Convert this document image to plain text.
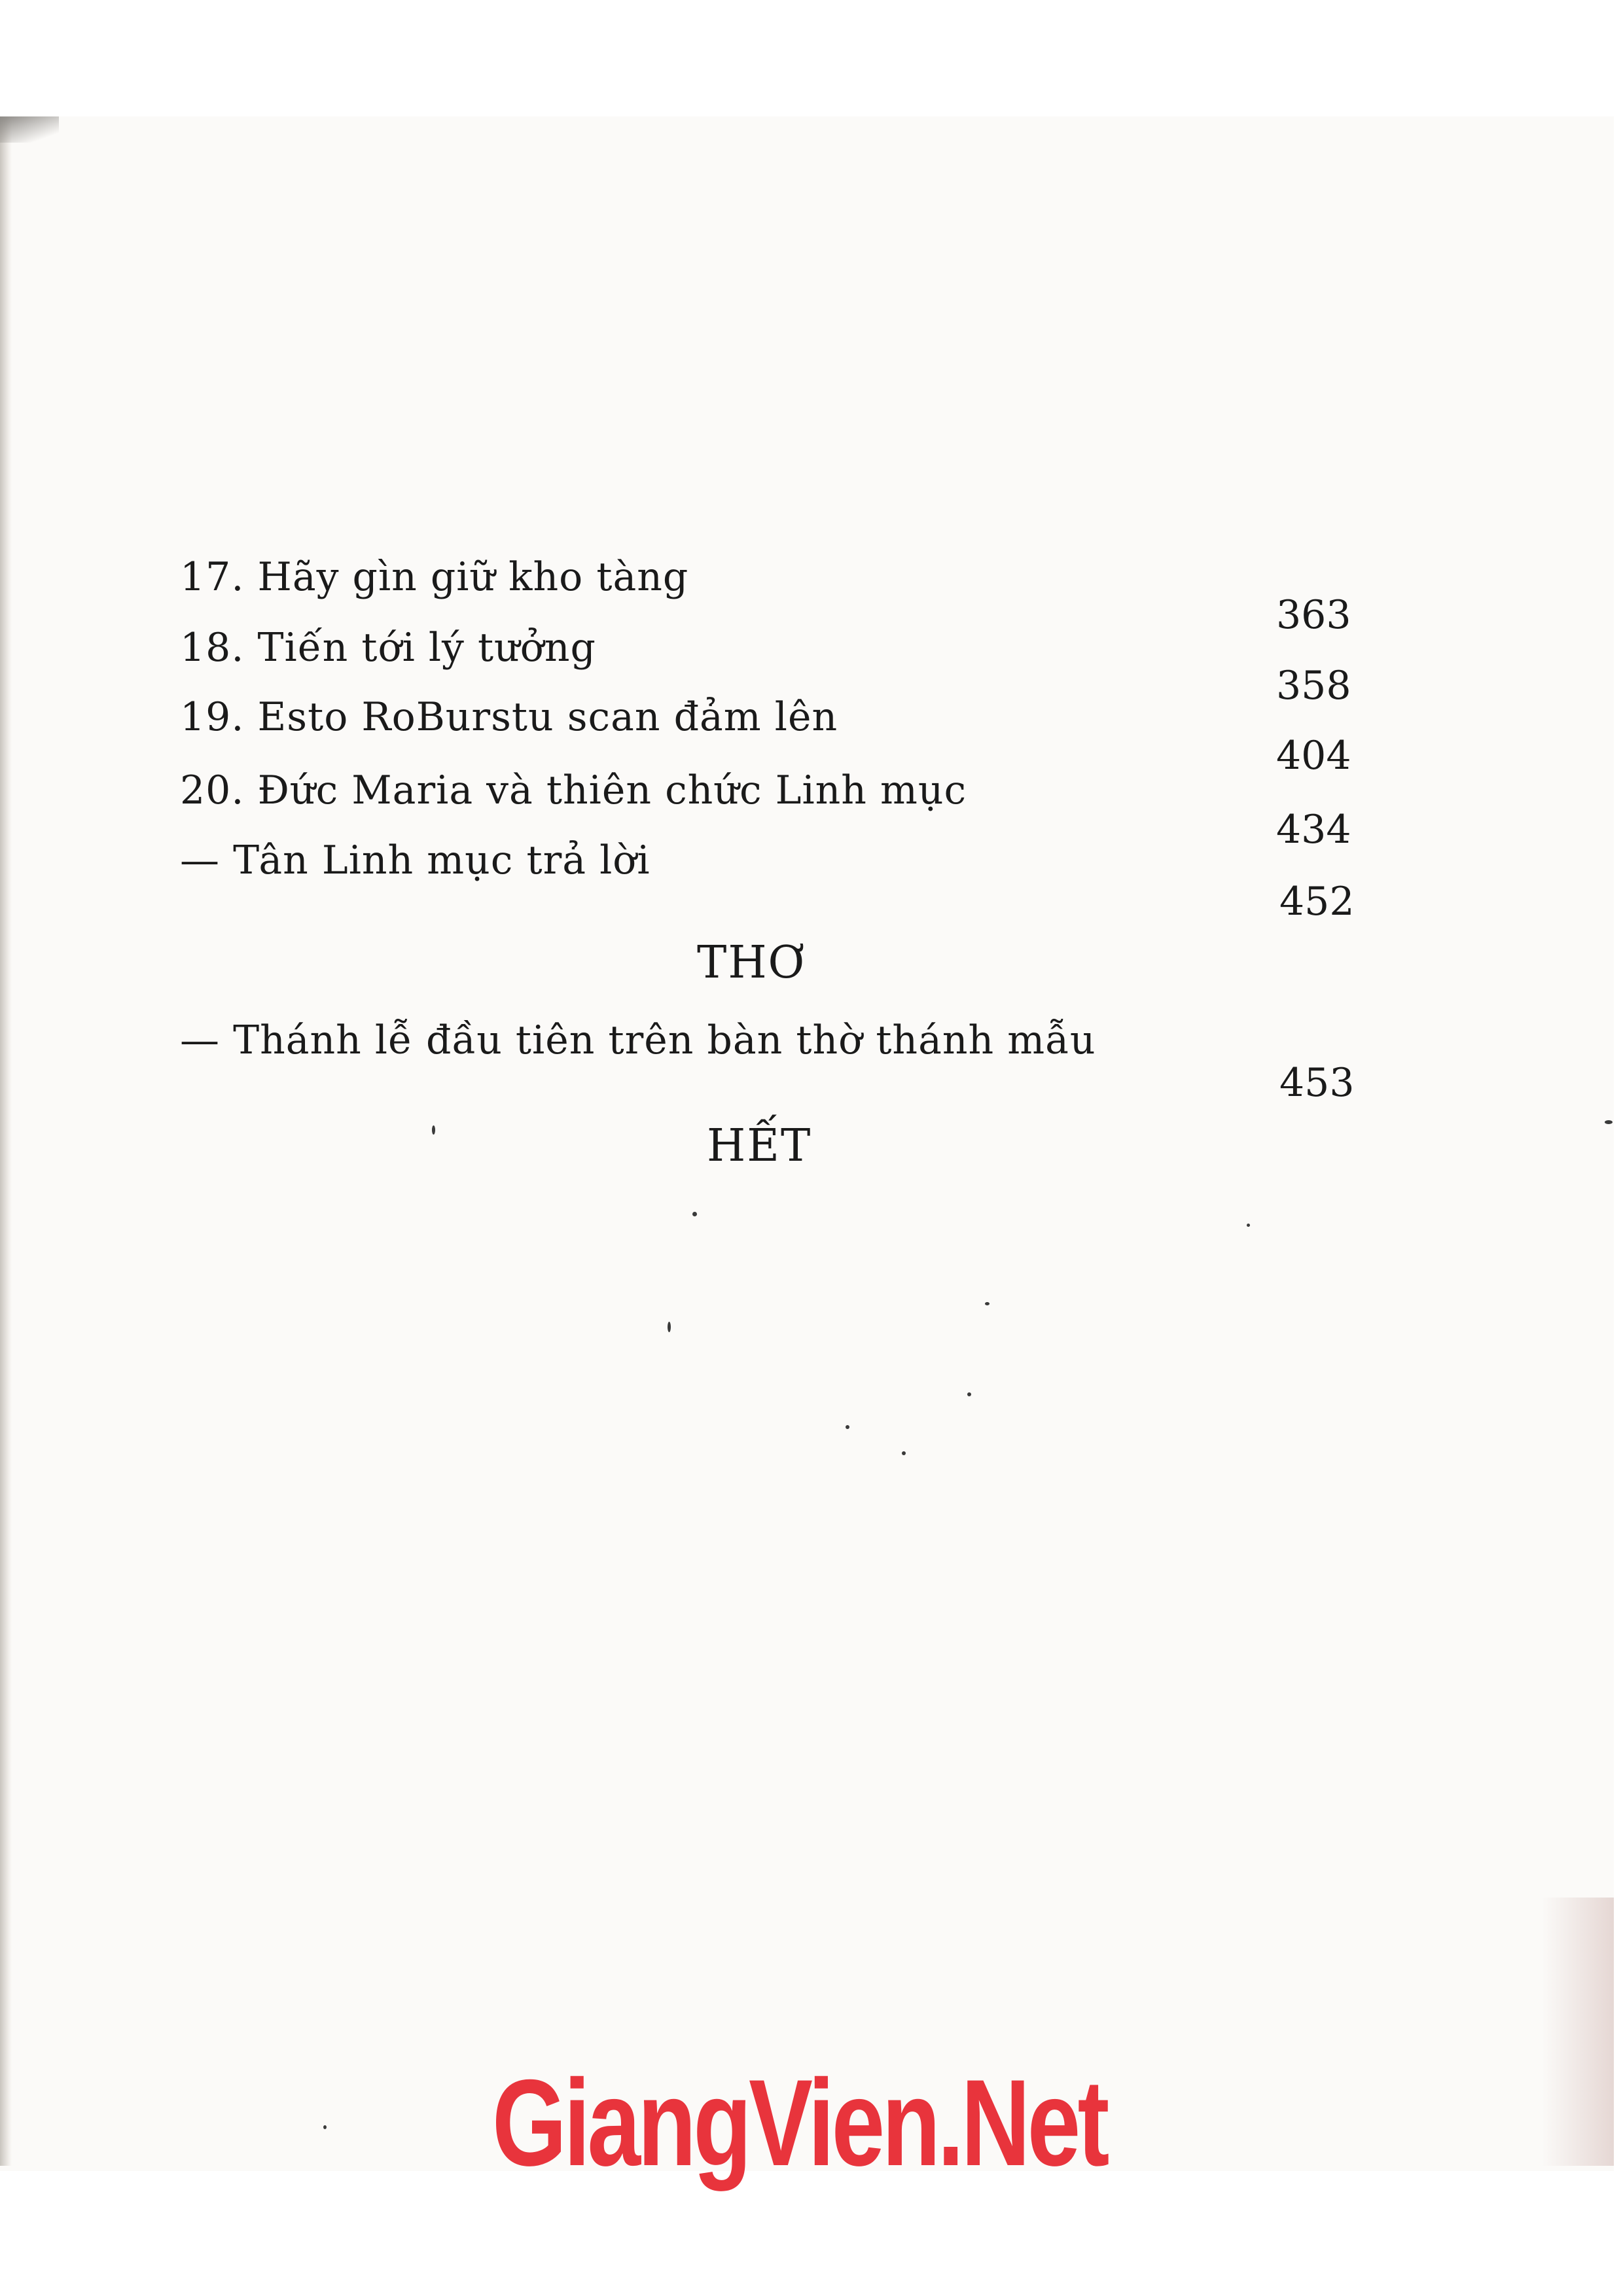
17. Hãy gìn giữ kho tàng
363
18. Tiến tới lý tưởng
358
19. Esto RoBurstu scan đảm lên
404
20. Đức Maria và thiên chức Linh mục
434
— Tân Linh mục trả lời
452
THƠ
— Thánh lễ đầu tiên trên bàn thờ thánh mẫu
453
HẾT
GiangVien.Net
